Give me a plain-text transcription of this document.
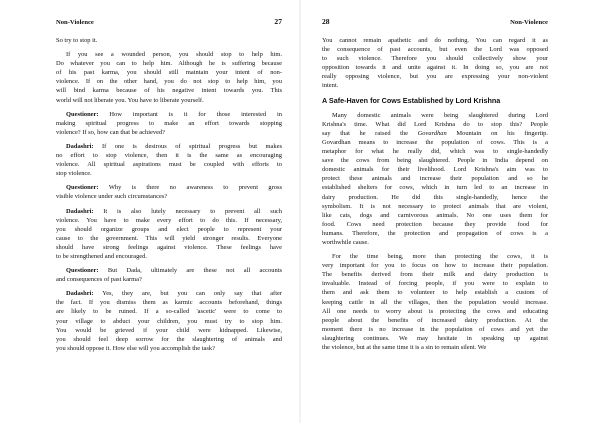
Non-Violence	27
So try to stop it.
If you see a wounded person, you should stop to help him.
Do whatever you can to help him. Although he is suffering because
of his past karma, you should still maintain your intent of non-
violence. If on the other hand, you do not stop to help him, you
will bind karma because of his negative intent towards you. This
world will not liberate you. You have to liberate yourself.
Questioner: How important is it for those interested in
making spiritual progress to make an effort towards stopping
violence? If so, how can that be achieved?
Dadashri: If one is desirous of spiritual progress but makes
no effort to stop violence, then it is the same as encouraging
violence. All spiritual aspirations must be coupled with efforts to
stop violence.
Questioner: Why is there no awareness to prevent gross
visible violence under such circumstances?
Dadashri: It is also lutely necessary to prevent all such
violence. You have to make every effort to do this. If necessary,
you should organize groups and elect people to represent your
cause to the government. This will yield stronger results. Everyone
should have strong feelings against violence. These feelings have
to be strengthened and encouraged.
Questioner: But Dada, ultimately are these not all accounts
and consequences of past karma?
Dadashri: Yes, they are, but you can only say that after
the fact. If you dismiss them as karmic accounts beforehand, things
are likely to be ruined. If a so-called 'ascetic' were to come to
your village to abduct your children, you must try to stop him.
You would be grieved if your child were kidnapped. Likewise,
you should feel deep sorrow for the slaughtering of animals and
you should oppose it. How else will you accomplish the task?
28	Non-Violence
You cannot remain apathetic and do nothing. You can regard it as
the consequence of past accounts, but even the Lord was opposed
to such violence. Therefore you should collectively show your
opposition towards it and unite against it. In doing so, you are not
really opposing violence, but you are expressing your non-violent
intent.
A Safe-Haven for Cows Established by Lord Krishna
Many domestic animals were being slaughtered during Lord
Krishna's time. What did Lord Krishna do to stop this? People
say that he raised the Govardhan Mountain on his fingertip.
Govardhan means to increase the population of cows. This is a
metaphor for what he really did, which was to single-handedly
save the cows from being slaughtered. People in India depend on
domestic animals for their livelihood. Lord Krishna's aim was to
protect these animals and increase their population and so he
established shelters for cows, which in turn led to an increase in
dairy production. He did this single-handedly, hence the
symbolism. It is not necessary to protect animals that are violent,
like cats, dogs and carnivorous animals. No one uses them for
food. Cows need protection because they provide food for
humans. Therefore, the protection and propagation of cows is a
worthwhile cause.
For the time being, more than protecting the cows, it is
very important for you to focus on how to increase their population.
The benefits derived from their milk and dairy production is
invaluable. Instead of forcing people, if you were to explain to
them and ask them to volunteer to help establish a custom of
keeping cattle in all the villages, then the population would increase.
All one needs to worry about is protecting the cows and educating
people about the benefits of increased dairy production. At the
moment there is no increase in the population of cows and yet the
slaughtering continues. We may hesitate in speaking up against
the violence, but at the same time it is a sin to remain silent. We
